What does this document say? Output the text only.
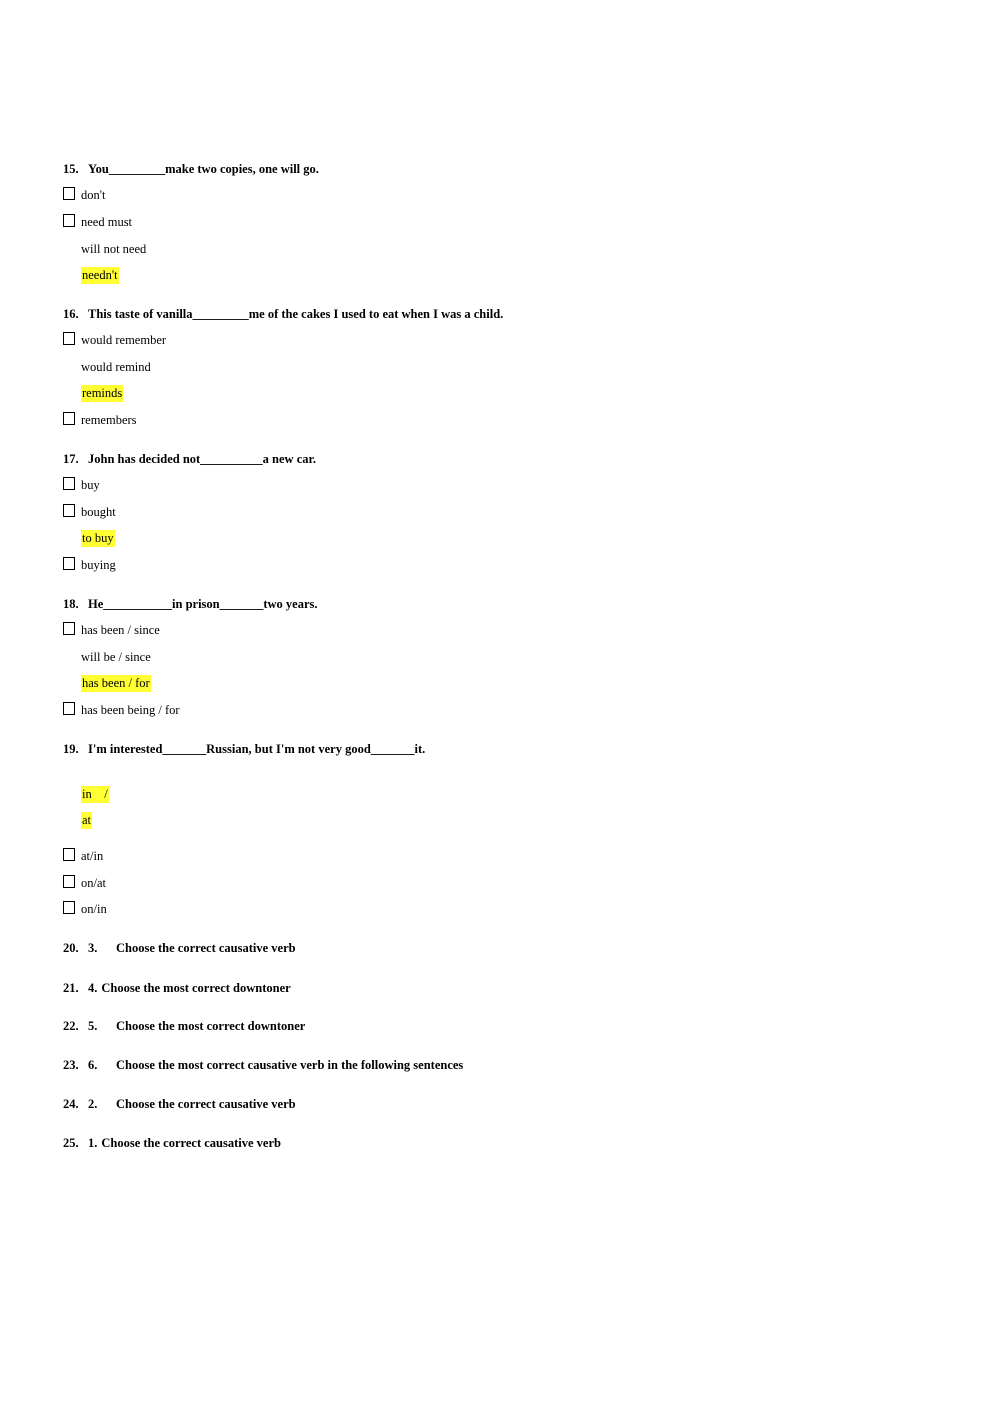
15. You_________make two copies, one will go.
don't
need must
will not need
needn't
16. This taste of vanilla_________me of the cakes I used to eat when I was a child.
would remember
would remind
reminds
remembers
17. John has decided not__________a new car.
buy
bought
to buy
buying
18. He___________in prison_______two years.
has been / since
will be / since
has been / for
has been being / for
19. I'm interested_______Russian, but I'm not very good_______it.
in    /
at
at/in
on/at
on/in
20. 3. Choose the correct causative verb
21. 4. Choose the most correct downtoner
22. 5. Choose the most correct downtoner
23. 6. Choose the most correct causative verb in the following sentences
24. 2. Choose the correct causative verb
25. 1. Choose the correct causative verb
